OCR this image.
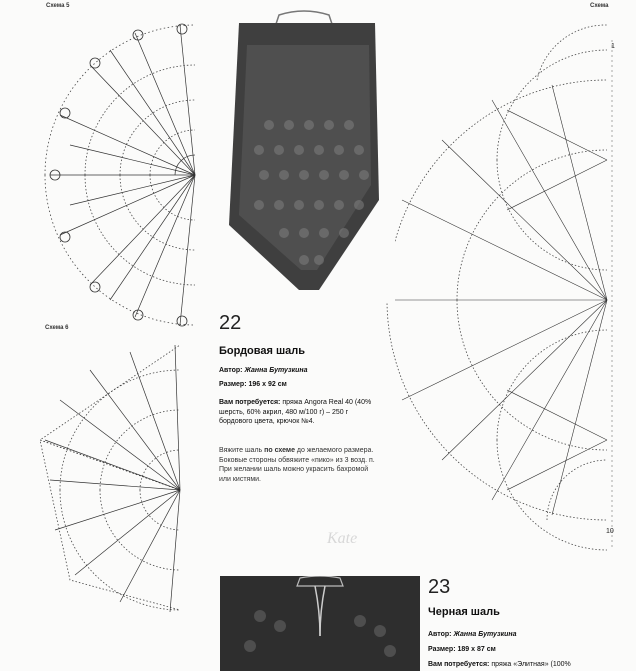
Схема 5
Схема 6
Схема
1
10
Kate
22
Бордовая шаль
Автор: Жанна Бутузкина
Размер: 196 x 92 см
Вам потребуется: пряжа Angora Real 40 (40% шерсть, 60% акрил, 480 м/100 г) – 250 г бордового цвета, крючок №4.
Вяжите шаль по схеме до желаемого размера. Боковые стороны обвяжите «пико» из 3 возд. п. При желании шаль можно украсить бахромой или кистями.
23
Черная шаль
Автор: Жанна Бутузкина
Размер: 189 x 87 см
Вам потребуется: пряжа «Элитная» (100%
